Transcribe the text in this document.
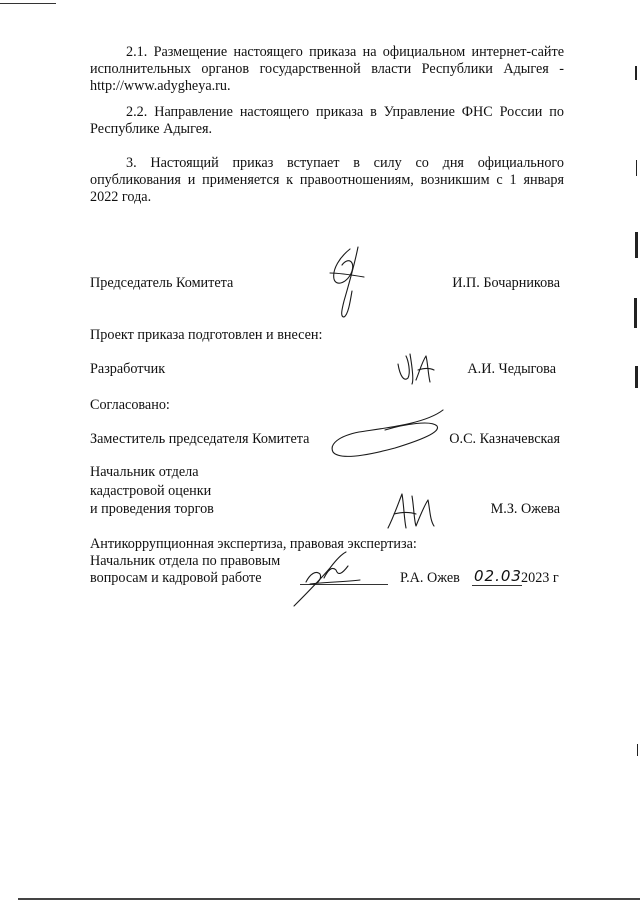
2.1. Размещение настоящего приказа на официальном интернет-сайте исполнительных органов государственной власти Республики Адыгея - http://www.adygheya.ru.

2.2. Направление настоящего приказа в Управление ФНС России по Республике Адыгея.

3. Настоящий приказ вступает в силу со дня официального опубликования и применяется к правоотношениям, возникшим с 1 января 2022 года.

Председатель Комитета	И.П. Бочарникова
Проект приказа подготовлен и внесен:
Разработчик	А.И. Чедыгова
Согласовано:
Заместитель председателя Комитета	О.С. Казначевская
Начальник отдела
кадастровой оценки
и проведения торгов	М.З. Ожева
Антикоррупционная экспертиза, правовая экспертиза:
Начальник отдела по правовым
вопросам и кадровой работе	Р.А. Ожев 02.03 2023 г
